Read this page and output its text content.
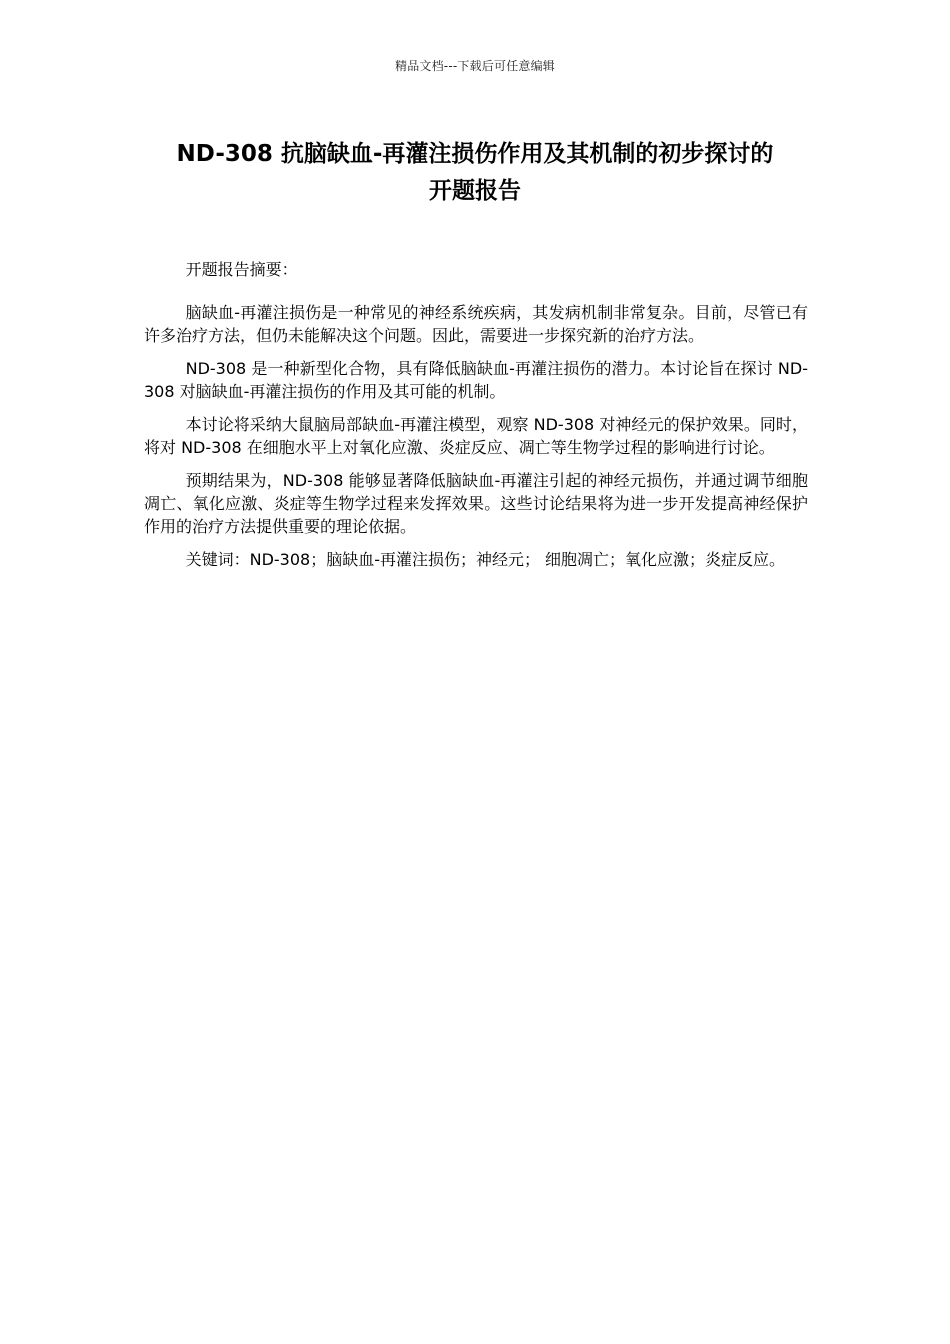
精品文档---下载后可任意编辑
ND-308 抗脑缺血-再灌注损伤作用及其机制的初步探讨的
开题报告

开题报告摘要：

脑缺血-再灌注损伤是一种常见的神经系统疾病，其发病机制非常复杂。目前，尽管已有许多治疗方法，但仍未能解决这个问题。因此，需要进一步探究新的治疗方法。

ND-308 是一种新型化合物，具有降低脑缺血-再灌注损伤的潜力。本讨论旨在探讨 ND-308 对脑缺血-再灌注损伤的作用及其可能的机制。

本讨论将采纳大鼠脑局部缺血-再灌注模型，观察 ND-308 对神经元的保护效果。同时，将对 ND-308 在细胞水平上对氧化应激、炎症反应、凋亡等生物学过程的影响进行讨论。

预期结果为，ND-308 能够显著降低脑缺血-再灌注引起的神经元损伤，并通过调节细胞凋亡、氧化应激、炎症等生物学过程来发挥效果。这些讨论结果将为进一步开发提高神经保护作用的治疗方法提供重要的理论依据。

关键词：ND-308；脑缺血-再灌注损伤；神经元； 细胞凋亡；氧化应激；炎症反应。
